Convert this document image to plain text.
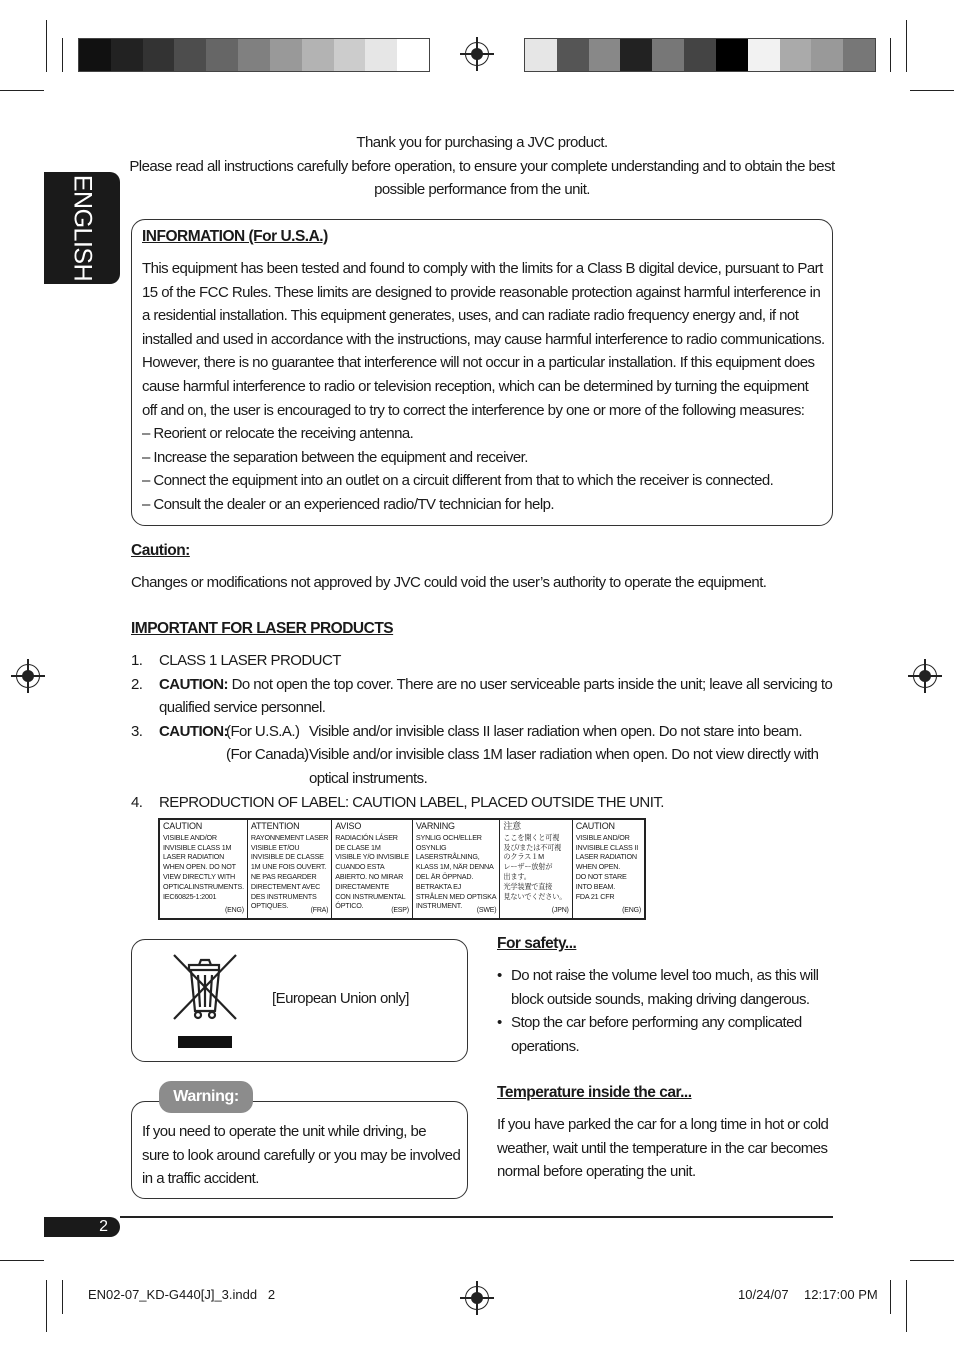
ENGLISH
Thank you for purchasing a JVC product.
Please read all instructions carefully before operation, to ensure your complete understanding and to obtain the best
possible performance from the unit.
INFORMATION (For U.S.A.)
This equipment has been tested and found to comply with the limits for a Class B digital device, pursuant to Part
15 of the FCC Rules. These limits are designed to provide reasonable protection against harmful interference in
a residential installation. This equipment generates, uses, and can radiate radio frequency energy and, if not
installed and used in accordance with the instructions, may cause harmful interference to radio communications.
However, there is no guarantee that interference will not occur in a particular installation. If this equipment does
cause harmful interference to radio or television reception, which can be determined by turning the equipment
off and on, the user is encouraged to try to correct the interference by one or more of the following measures:
– Reorient or relocate the receiving antenna.
– Increase the separation between the equipment and receiver.
– Connect the equipment into an outlet on a circuit different from that to which the receiver is connected.
– Consult the dealer or an experienced radio/TV technician for help.
Caution:
Changes or modifications not approved by JVC could void the user’s authority to operate the equipment.
IMPORTANT FOR LASER PRODUCTS
1. CLASS 1 LASER PRODUCT
2. CAUTION: Do not open the top cover. There are no user serviceable parts inside the unit; leave all servicing to
qualified service personnel.
3. CAUTION:
(For U.S.A.) Visible and/or invisible class II laser radiation when open. Do not stare into beam.
(For Canada) Visible and/or invisible class 1M laser radiation when open. Do not view directly with
optical instruments.
4. REPRODUCTION OF LABEL: CAUTION LABEL, PLACED OUTSIDE THE UNIT.
CAUTION
VISIBLE AND/OR
INVISIBLE CLASS 1M
LASER RADIATION
WHEN OPEN. DO NOT
VIEW DIRECTLY WITH
OPTICALINSTRUMENTS.
IEC60825-1:2001
(ENG)
ATTENTION
RAYONNEMENT LASER
VISIBLE ET/OU
INVISIBLE DE CLASSE
1M UNE FOIS OUVERT.
NE PAS REGARDER
DIRECTEMENT AVEC
DES INSTRUMENTS
OPTIQUES.
(FRA)
AVISO
RADIACIÓN LÁSER
DE CLASE 1M
VISIBLE Y/O INVISIBLE
CUANDO ESTA
ABIERTO. NO MIRAR
DIRECTAMENTE
CON INSTRUMENTAL
ÓPTICO.
(ESP)
VARNING
SYNLIG OCH/ELLER
OSYNLIG
LASERSTRÅLNING,
KLASS 1M, NÄR DENNA
DEL ÄR ÖPPNAD.
BETRAKTA EJ
STRÅLEN MED OPTISKA
INSTRUMENT.
(SWE)
注意
ここを開くと可視
及び/または不可視
のクラス１M
レーザー放射が
出ます。
光学装置で直接
見ないでください。
(JPN)
CAUTION
VISIBLE AND/OR
INVISIBLE CLASS II
LASER RADIATION
WHEN OPEN.
DO NOT STARE
INTO BEAM.
FDA 21 CFR
(ENG)
[European Union only]
Warning:
If you need to operate the unit while driving, be
sure to look around carefully or you may be involved
in a traffic accident.
For safety...
• Do not raise the volume level too much, as this will
block outside sounds, making driving dangerous.
• Stop the car before performing any complicated
operations.
Temperature inside the car...
If you have parked the car for a long time in hot or cold
weather, wait until the temperature in the car becomes
normal before operating the unit.
2
EN02-07_KD-G440[J]_3.indd   2	10/24/07 12:17:00 PM
